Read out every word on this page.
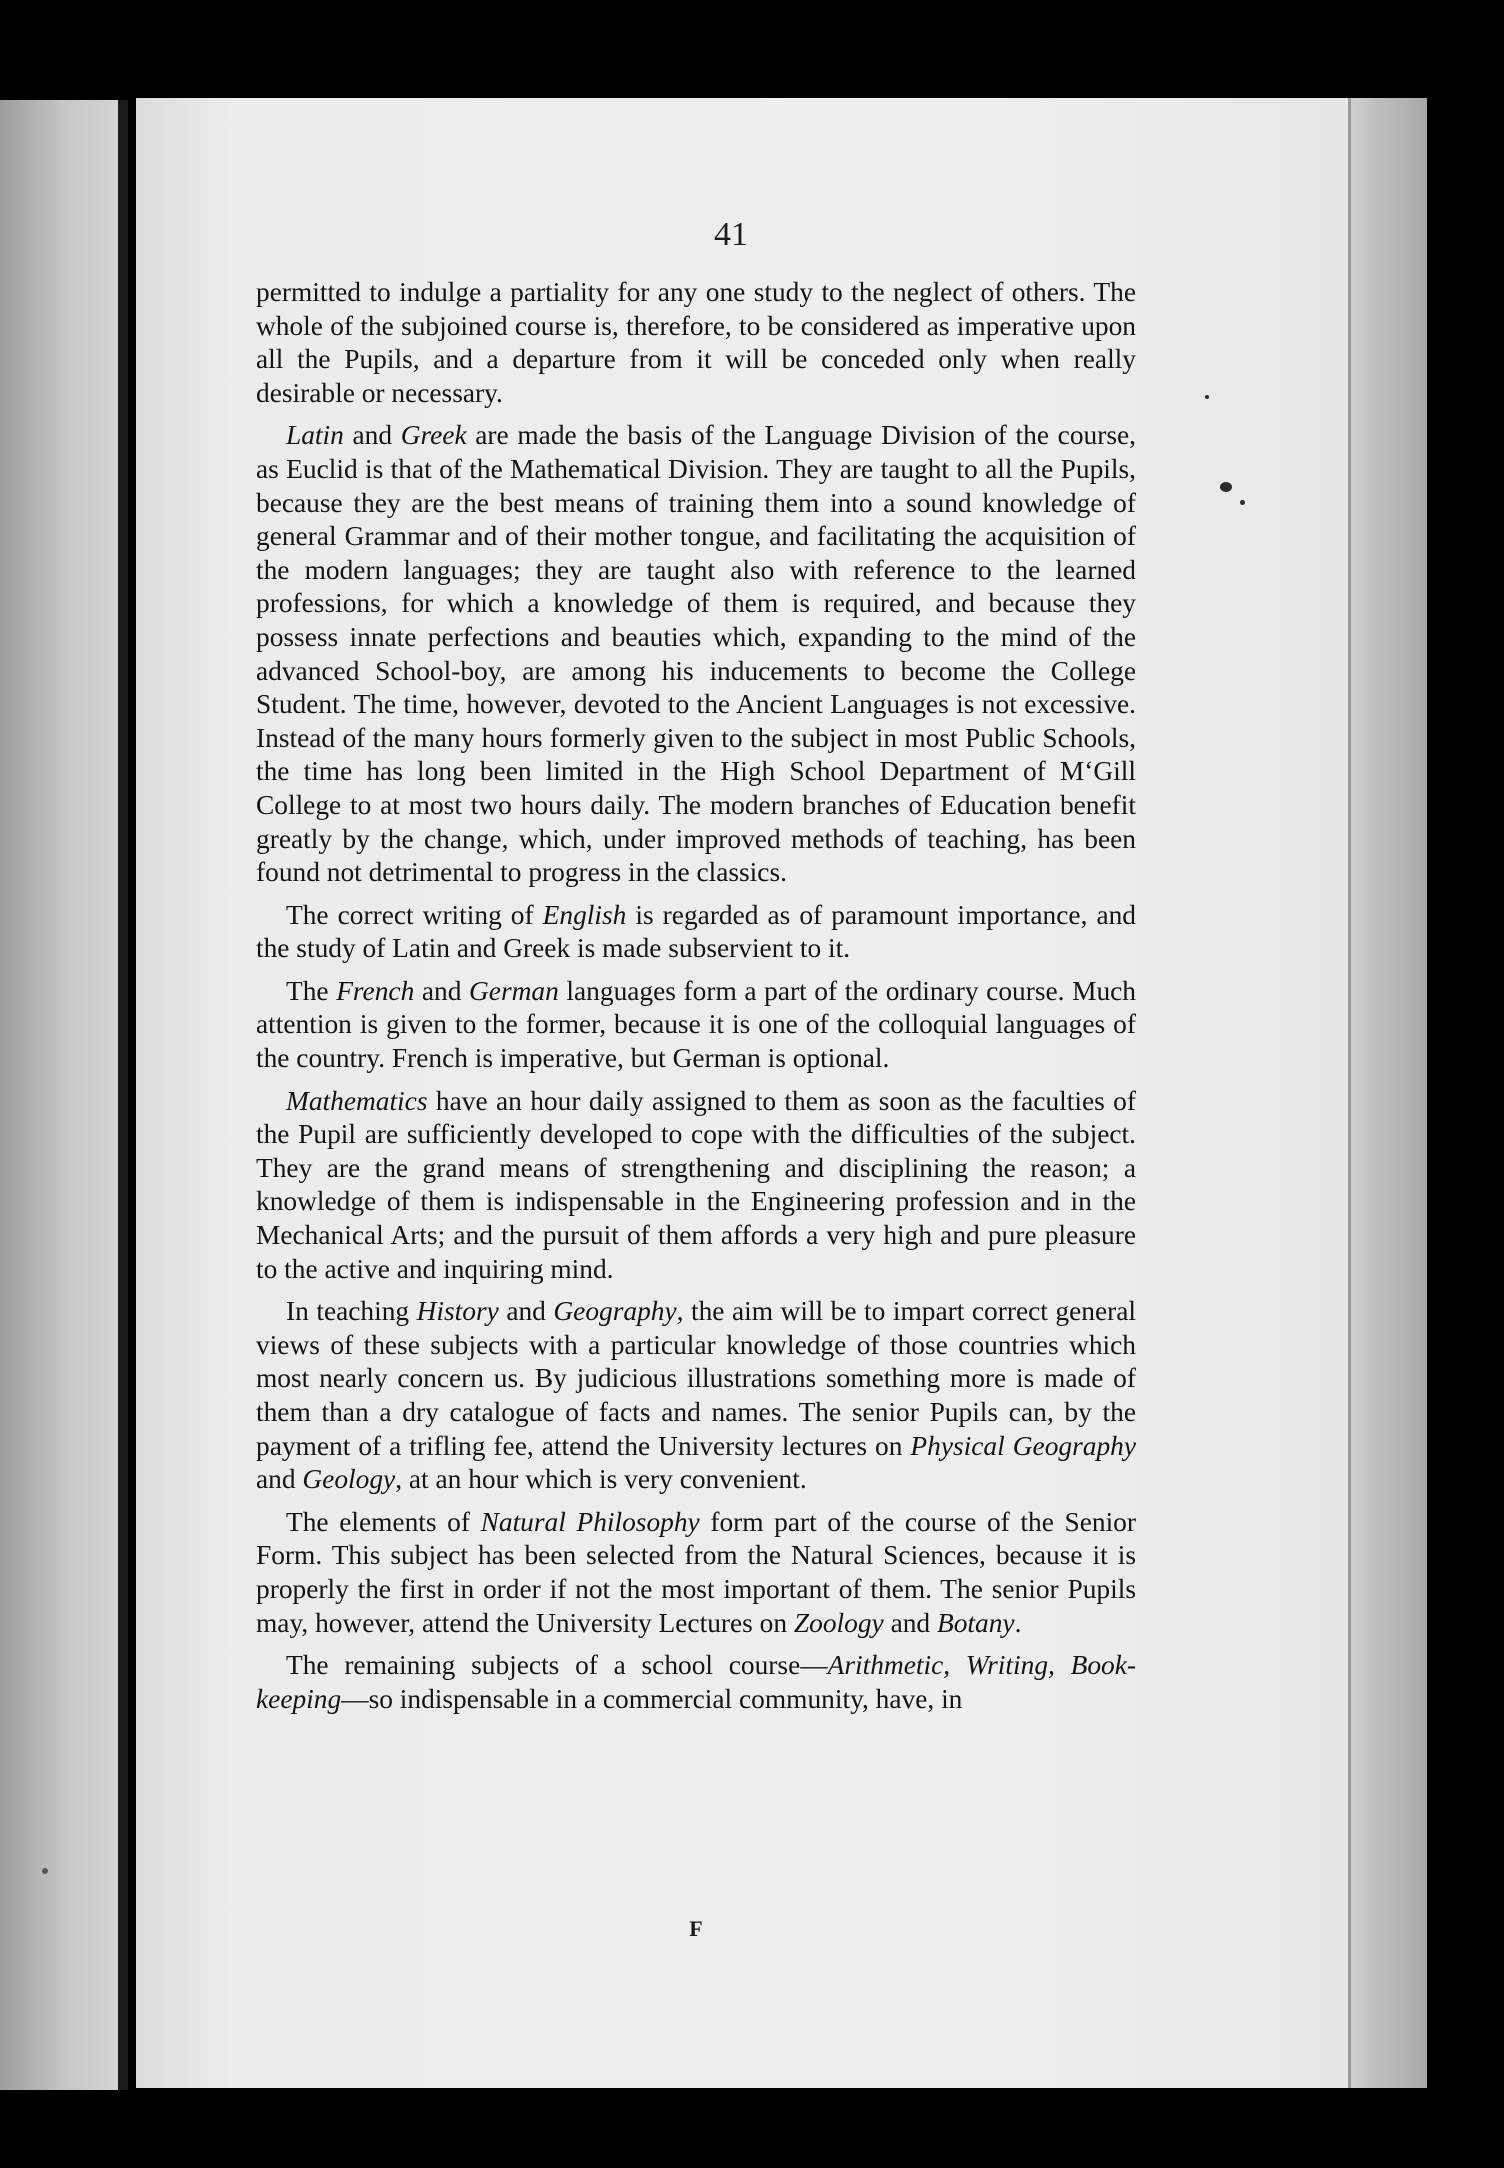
41

permitted to indulge a partiality for any one study to the neglect of others. The whole of the subjoined course is, therefore, to be considered as imperative upon all the Pupils, and a departure from it will be conceded only when really desirable or necessary.

Latin and Greek are made the basis of the Language Division of the course, as Euclid is that of the Mathematical Division. They are taught to all the Pupils, because they are the best means of training them into a sound knowledge of general Grammar and of their mother tongue, and facilitating the acquisition of the modern languages; they are taught also with reference to the learned professions, for which a knowledge of them is required, and because they possess innate perfections and beauties which, expanding to the mind of the advanced School-boy, are among his inducements to become the College Student. The time, however, devoted to the Ancient Languages is not excessive. Instead of the many hours formerly given to the subject in most Public Schools, the time has long been limited in the High School Department of M‘Gill College to at most two hours daily. The modern branches of Education benefit greatly by the change, which, under improved methods of teaching, has been found not detrimental to progress in the classics.

The correct writing of English is regarded as of paramount importance, and the study of Latin and Greek is made subservient to it.

The French and German languages form a part of the ordinary course. Much attention is given to the former, because it is one of the colloquial languages of the country. French is imperative, but German is optional.

Mathematics have an hour daily assigned to them as soon as the faculties of the Pupil are sufficiently developed to cope with the difficulties of the subject. They are the grand means of strengthening and disciplining the reason; a knowledge of them is indispensable in the Engineering profession and in the Mechanical Arts; and the pursuit of them affords a very high and pure pleasure to the active and inquiring mind.

In teaching History and Geography, the aim will be to impart correct general views of these subjects with a particular knowledge of those countries which most nearly concern us. By judicious illustrations something more is made of them than a dry catalogue of facts and names. The senior Pupils can, by the payment of a trifling fee, attend the University lectures on Physical Geography and Geology, at an hour which is very convenient.

The elements of Natural Philosophy form part of the course of the Senior Form. This subject has been selected from the Natural Sciences, because it is properly the first in order if not the most important of them. The senior Pupils may, however, attend the University Lectures on Zoology and Botany.

The remaining subjects of a school course—Arithmetic, Writing, Book-keeping—so indispensable in a commercial community, have, in

F
